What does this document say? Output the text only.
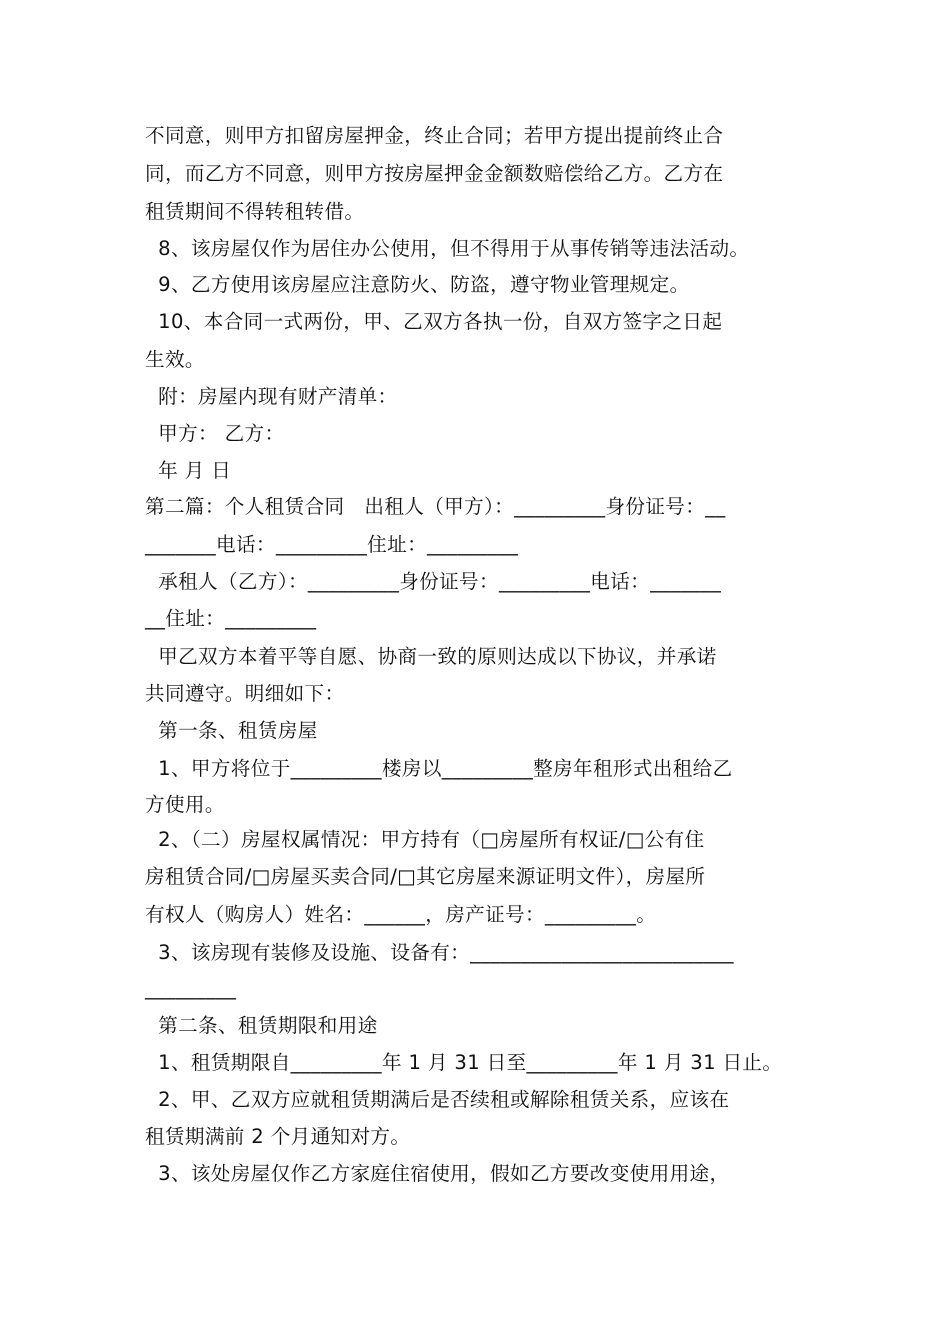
不同意，则甲方扣留房屋押金，终止合同；若甲方提出提前终止合

同，而乙方不同意，则甲方按房屋押金金额数赔偿给乙方。乙方在

租赁期间不得转租转借。

8、该房屋仅作为居住办公使用，但不得用于从事传销等违法活动。

9、乙方使用该房屋应注意防火、防盗，遵守物业管理规定。

10、本合同一式两份，甲、乙双方各执一份，自双方签字之日起

生效。

附：房屋内现有财产清单：

甲方： 乙方：

年 月 日

第二篇：个人租赁合同　出租人（甲方）：_________身份证号：__

_______电话：_________住址：_________

承租人（乙方）：_________身份证号：_________电话：_______

__住址：_________

甲乙双方本着平等自愿、协商一致的原则达成以下协议，并承诺

共同遵守。明细如下：

第一条、租赁房屋

1、甲方将位于_________楼房以_________整房年租形式出租给乙

方使用。

2、（二）房屋权属情况：甲方持有（□房屋所有权证/□公有住

房租赁合同/□房屋买卖合同/□其它房屋来源证明文件），房屋所

有权人（购房人）姓名：______，房产证号：_________。

3、该房现有装修及设施、设备有：__________________________

_________

第二条、租赁期限和用途

1、租赁期限自_________年 1 月 31 日至_________年 1 月 31 日止。

2、甲、乙双方应就租赁期满后是否续租或解除租赁关系，应该在

租赁期满前 2 个月通知对方。

3、该处房屋仅作乙方家庭住宿使用，假如乙方要改变使用用途，
